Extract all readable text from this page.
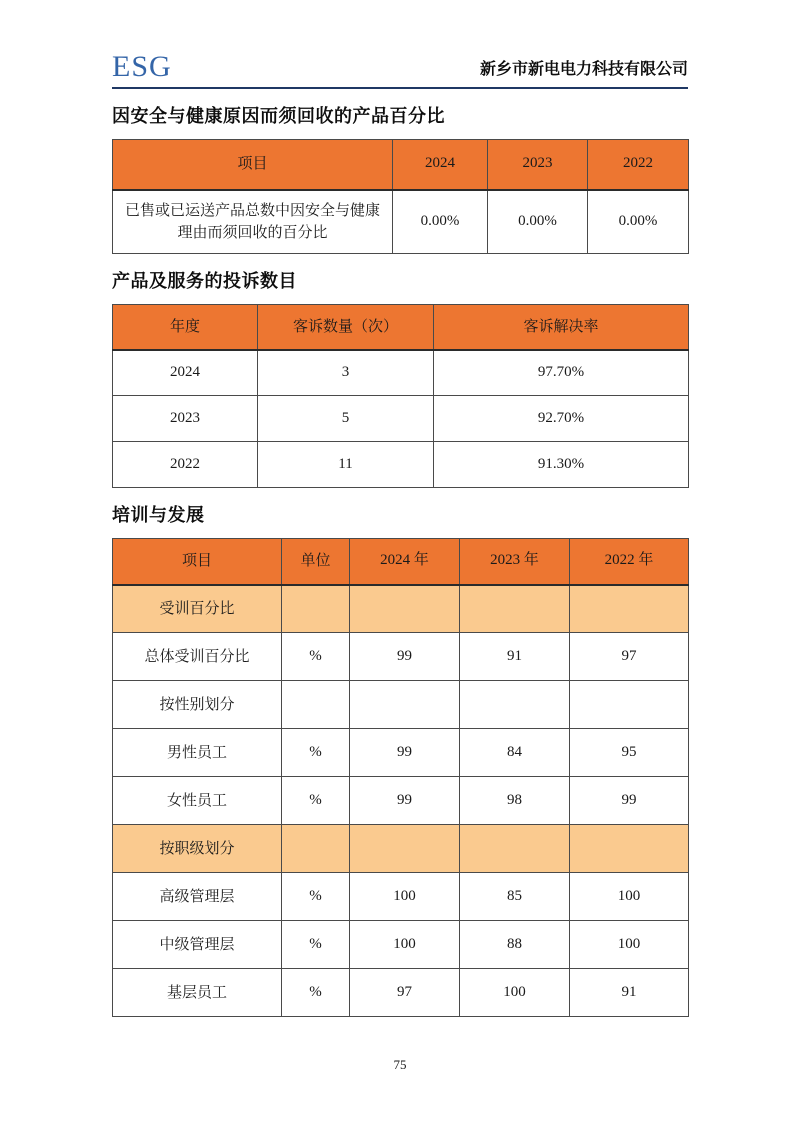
ESG	新乡市新电电力科技有限公司
因安全与健康原因而须回收的产品百分比
项目	2024	2023	2022
已售或已运送产品总数中因安全与健康理由而须回收的百分比	0.00%	0.00%	0.00%
产品及服务的投诉数目
年度	客诉数量（次）	客诉解决率
2024	3	97.70%
2023	5	92.70%
2022	11	91.30%
培训与发展
项目	单位	2024 年	2023 年	2022 年
受训百分比				
总体受训百分比	%	99	91	97
按性别划分				
男性员工	%	99	84	95
女性员工	%	99	98	99
按职级划分				
高级管理层	%	100	85	100
中级管理层	%	100	88	100
基层员工	%	97	100	91
75
